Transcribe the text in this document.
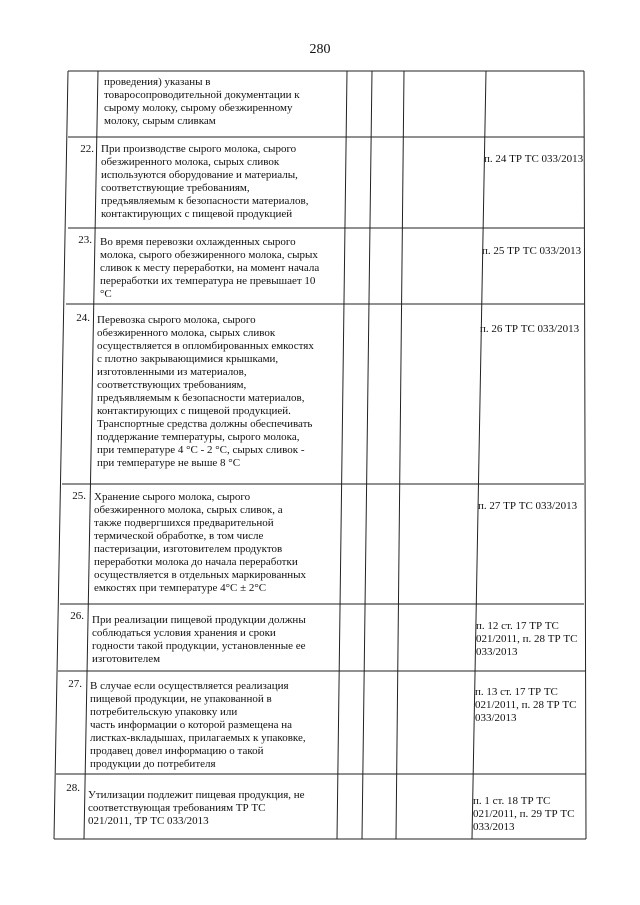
280
проведения) указаны в
товаросопроводительной документации к
сырому молоку, сырому обезжиренному
молоку, сырым сливкам
22. При производстве сырого молока, сырого
обезжиренного молока, сырых сливок
используются оборудование и материалы,
соответствующие требованиям,
предъявляемым к безопасности материалов,
контактирующих с пищевой продукцией
п. 24 ТР ТС 033/2013
23. Во время перевозки охлажденных сырого
молока, сырого обезжиренного молока, сырых
сливок к месту переработки, на момент начала
переработки их температура не превышает 10
°С
п. 25 ТР ТС 033/2013
24. Перевозка сырого молока, сырого
обезжиренного молока, сырых сливок
осуществляется в опломбированных емкостях
с плотно закрывающимися крышками,
изготовленными из материалов,
соответствующих требованиям,
предъявляемым к безопасности материалов,
контактирующих с пищевой продукцией.
Транспортные средства должны обеспечивать
поддержание температуры, сырого молока,
при температуре 4 °С - 2 °С, сырых сливок -
при температуре не выше 8 °С
п. 26 ТР ТС 033/2013
25. Хранение сырого молока, сырого
обезжиренного молока, сырых сливок, а
также подвергшихся предварительной
термической обработке, в том числе
пастеризации, изготовителем продуктов
переработки молока до начала переработки
осуществляется в отдельных маркированных
емкостях при температуре 4°С ± 2°С
п. 27 ТР ТС 033/2013
26. При реализации пищевой продукции должны
соблюдаться условия хранения и сроки
годности такой продукции, установленные ее
изготовителем
п. 12 ст. 17 ТР ТС
021/2011, п. 28 ТР ТС
033/2013
27. В случае если осуществляется реализация
пищевой продукции, не упакованной в
потребительскую упаковку или
часть информации о которой размещена на
листках-вкладышах, прилагаемых к упаковке,
продавец довел информацию о такой
продукции до потребителя
п. 13 ст. 17 ТР ТС
021/2011, п. 28 ТР ТС
033/2013
28.
Утилизации подлежит пищевая продукция, не
соответствующая требованиям ТР ТС
021/2011, ТР ТС 033/2013
п. 1 ст. 18 ТР ТС
021/2011, п. 29 ТР ТС
033/2013
